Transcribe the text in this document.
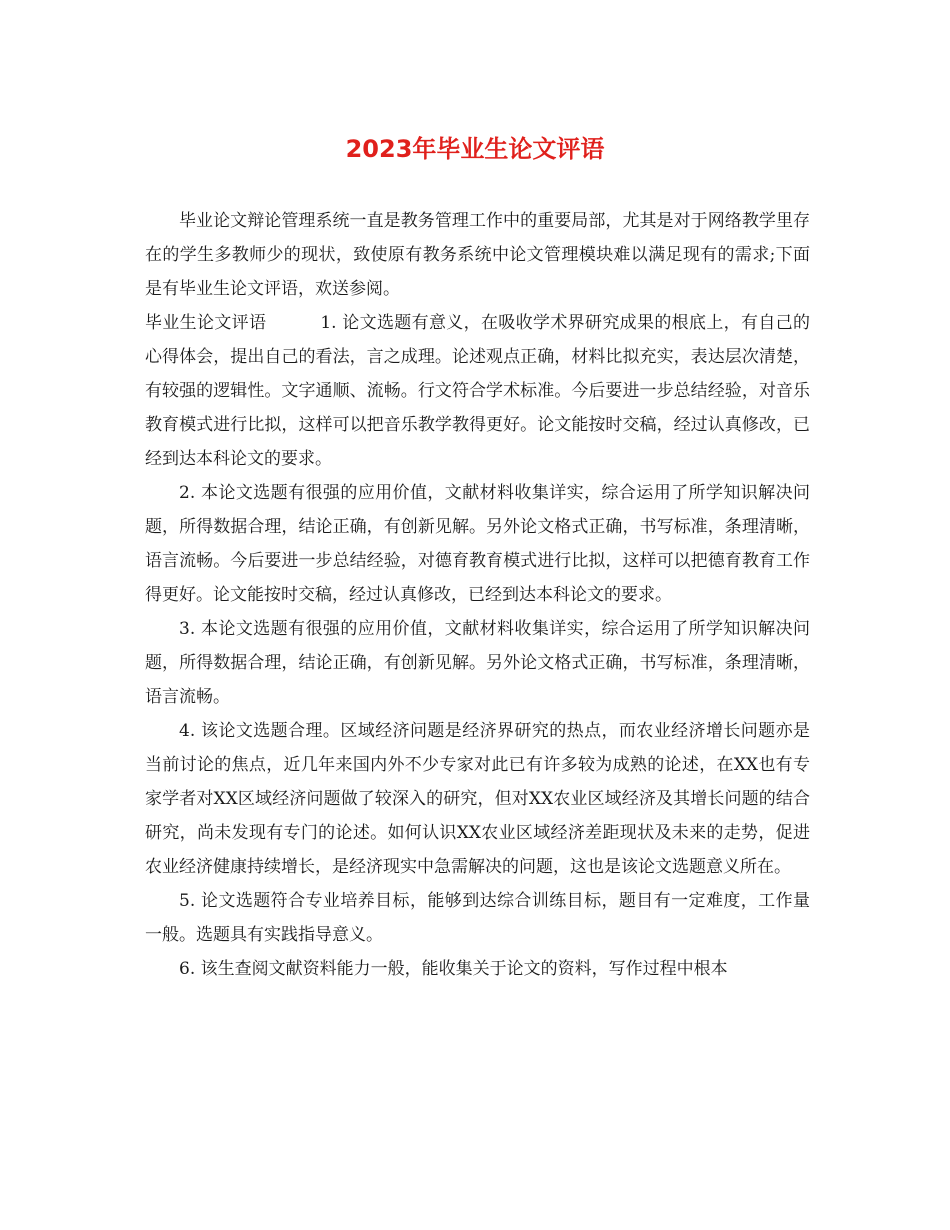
2023年毕业生论文评语

毕业论文辩论管理系统一直是教务管理工作中的重要局部，尤其是对于网络教学里存在的学生多教师少的现状，致使原有教务系统中论文管理模块难以满足现有的需求;下面是有毕业生论文评语，欢送参阅。

毕业生论文评语	1. 论文选题有意义，在吸收学术界研究成果的根底上，有自己的心得体会，提出自己的看法，言之成理。论述观点正确，材料比拟充实，表达层次清楚，有较强的逻辑性。文字通顺、流畅。行文符合学术标准。今后要进一步总结经验，对音乐教育模式进行比拟，这样可以把音乐教学教得更好。论文能按时交稿，经过认真修改，已经到达本科论文的要求。

2. 本论文选题有很强的应用价值，文献材料收集详实，综合运用了所学知识解决问题，所得数据合理，结论正确，有创新见解。另外论文格式正确，书写标准，条理清晰，语言流畅。今后要进一步总结经验，对德育教育模式进行比拟，这样可以把德育教育工作得更好。论文能按时交稿，经过认真修改，已经到达本科论文的要求。

3. 本论文选题有很强的应用价值，文献材料收集详实，综合运用了所学知识解决问题，所得数据合理，结论正确，有创新见解。另外论文格式正确，书写标准，条理清晰，语言流畅。

4. 该论文选题合理。区域经济问题是经济界研究的热点，而农业经济增长问题亦是当前讨论的焦点，近几年来国内外不少专家对此已有许多较为成熟的论述，在XX也有专家学者对XX区域经济问题做了较深入的研究，但对XX农业区域经济及其增长问题的结合研究，尚未发现有专门的论述。如何认识XX农业区域经济差距现状及未来的走势，促进农业经济健康持续增长，是经济现实中急需解决的问题，这也是该论文选题意义所在。

5. 论文选题符合专业培养目标，能够到达综合训练目标，题目有一定难度，工作量一般。选题具有实践指导意义。

6. 该生查阅文献资料能力一般，能收集关于论文的资料，写作过程中根本
